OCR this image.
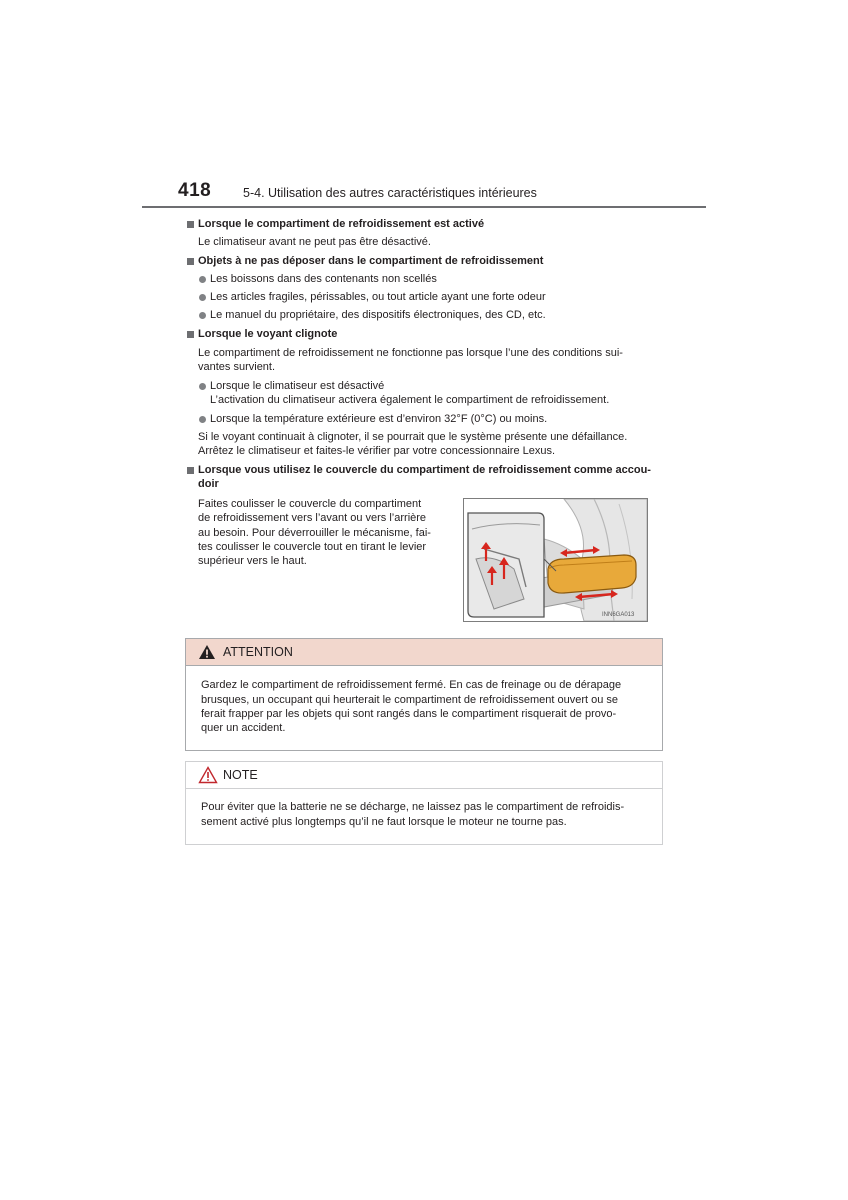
418	5-4. Utilisation des autres caractéristiques intérieures
Lorsque le compartiment de refroidissement est activé
Le climatiseur avant ne peut pas être désactivé.
Objets à ne pas déposer dans le compartiment de refroidissement
Les boissons dans des contenants non scellés
Les articles fragiles, périssables, ou tout article ayant une forte odeur
Le manuel du propriétaire, des dispositifs électroniques, des CD, etc.
Lorsque le voyant clignote
Le compartiment de refroidissement ne fonctionne pas lorsque l’une des conditions sui-
vantes survient.
Lorsque le climatiseur est désactivé
L’activation du climatiseur activera également le compartiment de refroidissement.
Lorsque la température extérieure est d’environ 32°F (0°C) ou moins.
Si le voyant continuait à clignoter, il se pourrait que le système présente une défaillance.
Arrêtez le climatiseur et faites-le vérifier par votre concessionnaire Lexus.
Lorsque vous utilisez le couvercle du compartiment de refroidissement comme accou-
doir
Faites coulisser le couvercle du compartiment
de refroidissement vers l’avant ou vers l’arrière
au besoin. Pour déverrouiller le mécanisme, fai-
tes coulisser le couvercle tout en tirant le levier
supérieur vers le haut.
INN6GA013
ATTENTION
Gardez le compartiment de refroidissement fermé. En cas de freinage ou de dérapage
brusques, un occupant qui heurterait le compartiment de refroidissement ouvert ou se
ferait frapper par les objets qui sont rangés dans le compartiment risquerait de provo-
quer un accident.
NOTE
Pour éviter que la batterie ne se décharge, ne laissez pas le compartiment de refroidis-
sement activé plus longtemps qu’il ne faut lorsque le moteur ne tourne pas.
